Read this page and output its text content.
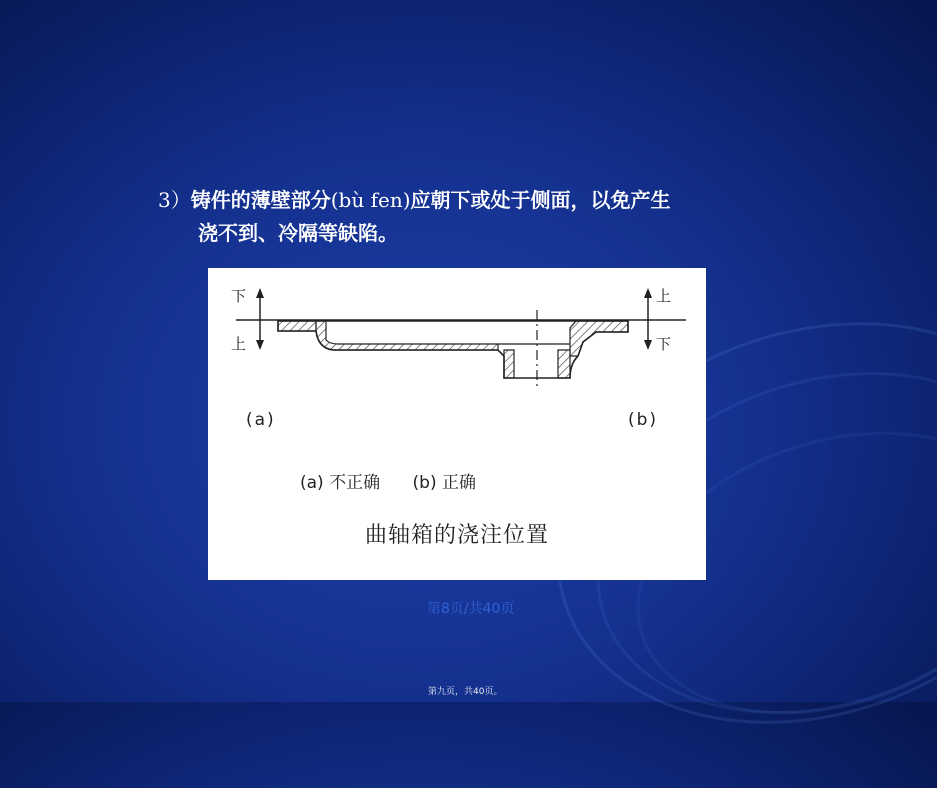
3）铸件的薄壁部分(bù fen)应朝下或处于侧面，以免产生
浇不到、冷隔等缺陷。
下
上
上
下
(a)	(b)
(a) 不正确 (b) 正确
曲轴箱的浇注位置
第8页/共40页
第九页，共40页。
